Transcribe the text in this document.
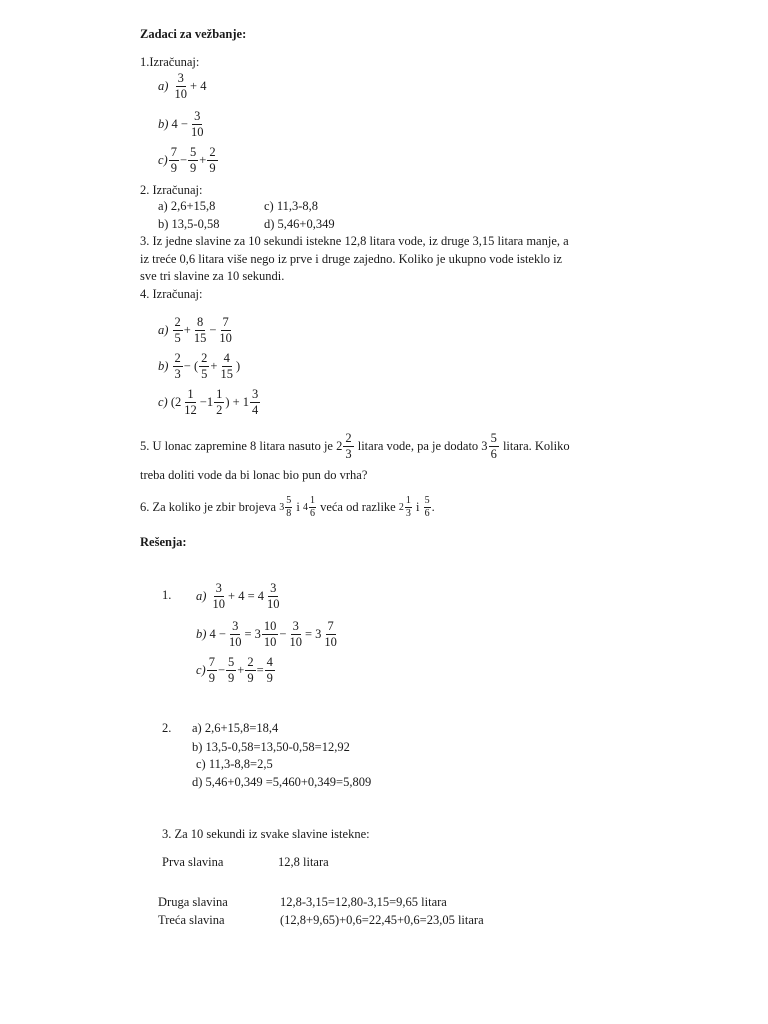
Zadaci za vežbanje:
1.Izračunaj:
a)
$\frac{3}{10} + 4$
b)
$4 - \frac{3}{10}$
$c) \frac{7}{9} - \frac{5}{9} + \frac{2}{9}$
2. Izračunaj:
a) 2,6+15,8	c) 11,3-8,8
b) 13,5-0,58	d) 5,46+0,349
3. Iz jedne slavine za 10 sekundi istekne 12,8 litara vode, iz druge 3,15 litara manje, a
iz treće 0,6 litara više nego iz prve i druge zajedno. Koliko je ukupno vode isteklo iz
sve tri slavine za 10 sekundi.
4. Izračunaj:
a)
$\frac{2}{5} + \frac{8}{15} - \frac{7}{10}$
b)
$\frac{2}{3}$ − ( $\frac{2}{5} + \frac{4}{15}$ )
c)
($2 \frac{1}{12} -1 \frac{1}{2}$ ) + $1 \frac{3}{4}$
5. U lonac zapremine 8 litara nasuto je $2 \frac{2}{3}$
litara vode, pa je dodato $3 \frac{5}{6}$
litara. Koliko
treba doliti vode da bi lonac bio pun do vrha?
6. Za koliko je zbir brojeva
$3 \frac{5}{8}$
i
$4 \frac{1}{6}$
veća od razlike
$2 \frac{1}{3}$
i
$\frac{5}{6}$ .
Rešenja:
1. a)
$\frac{3}{10} + 4 = 4 \frac{3}{10}$
b)
$4 - \frac{3}{10} = 3 \frac{10}{10} - \frac{3}{10} = 3 \frac{7}{10}$
$c) \frac{7}{9} - \frac{5}{9} + \frac{2}{9} = \frac{4}{9}$
2. a) 2,6+15,8=18,4
b) 13,5-0,58=13,50-0,58=12,92
c) 11,3-8,8=2,5
d) 5,46+0,349 =5,460+0,349=5,809
3. Za 10 sekundi iz svake slavine istekne:
Prva slavina	12,8 litara
Druga slavina	12,8-3,15=12,80-3,15=9,65 litara
Treća slavina	(12,8+9,65)+0,6=22,45+0,6=23,05 litara
